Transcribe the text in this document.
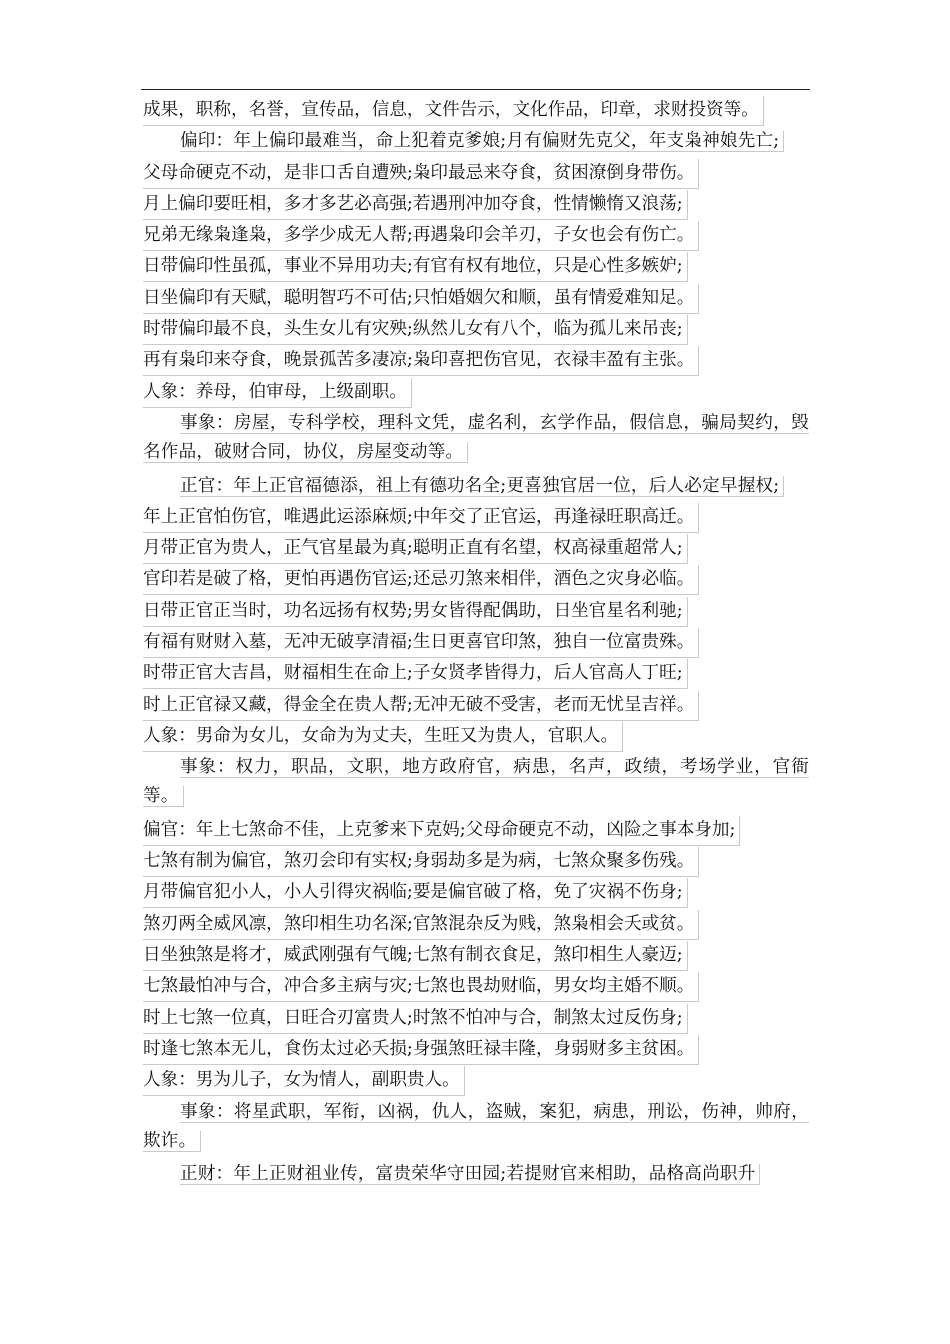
成果，职称，名誉，宣传品，信息，文件告示，文化作品，印章，求财投资等。

偏印：年上偏印最难当，命上犯着克爹娘;月有偏财先克父，年支枭神娘先亡;

父母命硬克不动，是非口舌自遭殃;枭印最忌来夺食，贫困潦倒身带伤。
月上偏印要旺相，多才多艺必高强;若遇刑冲加夺食，性情懒惰又浪荡;
兄弟无缘枭逢枭，多学少成无人帮;再遇枭印会羊刃，子女也会有伤亡。
日带偏印性虽孤，事业不异用功夫;有官有权有地位，只是心性多嫉妒;
日坐偏印有天赋，聪明智巧不可估;只怕婚姻欠和顺，虽有情爱难知足。
时带偏印最不良，头生女儿有灾殃;纵然儿女有八个，临为孤儿来吊丧;
再有枭印来夺食，晚景孤苦多凄凉;枭印喜把伤官见，衣禄丰盈有主张。
人象：养母，伯审母，上级副职。

事象：房屋，专科学校，理科文凭，虚名利，玄学作品，假信息，骗局契约，毁名作品，破财合同，协仪，房屋变动等。

正官：年上正官福德添，祖上有德功名全;更喜独官居一位，后人必定早握权;

年上正官怕伤官，唯遇此运添麻烦;中年交了正官运，再逢禄旺职高迁。
月带正官为贵人，正气官星最为真;聪明正直有名望，权高禄重超常人;
官印若是破了格，更怕再遇伤官运;还忌刃煞来相伴，酒色之灾身必临。
日带正官正当时，功名远扬有权势;男女皆得配偶助，日坐官星名利驰;
有福有财财入墓，无冲无破享清福;生日更喜官印煞，独自一位富贵殊。
时带正官大吉昌，财福相生在命上;子女贤孝皆得力，后人官高人丁旺;
时上正官禄又藏，得金全在贵人帮;无冲无破不受害，老而无忧呈吉祥。
人象：男命为女儿，女命为为丈夫，生旺又为贵人，官职人。

事象：权力，职品，文职，地方政府官，病患，名声，政绩，考场学业，官衙等。

偏官：年上七煞命不佳，上克爹来下克妈;父母命硬克不动，凶险之事本身加;
七煞有制为偏官，煞刃会印有实权;身弱劫多是为病，七煞众聚多伤残。
月带偏官犯小人，小人引得灾祸临;要是偏官破了格，免了灾祸不伤身;
煞刃两全威风凛，煞印相生功名深;官煞混杂反为贱，煞枭相会夭或贫。
日坐独煞是将才，威武刚强有气魄;七煞有制衣食足，煞印相生人豪迈;
七煞最怕冲与合，冲合多主病与灾;七煞也畏劫财临，男女均主婚不顺。
时上七煞一位真，日旺合刃富贵人;时煞不怕冲与合，制煞太过反伤身;
时逢七煞本无儿，食伤太过必夭损;身强煞旺禄丰隆，身弱财多主贫困。
人象：男为儿子，女为情人，副职贵人。

事象：将星武职，军衔，凶祸，仇人，盗贼，案犯，病患，刑讼，伤神，帅府，欺诈。

正财：年上正财祖业传，富贵荣华守田园;若提财官来相助，品格高尚职升
